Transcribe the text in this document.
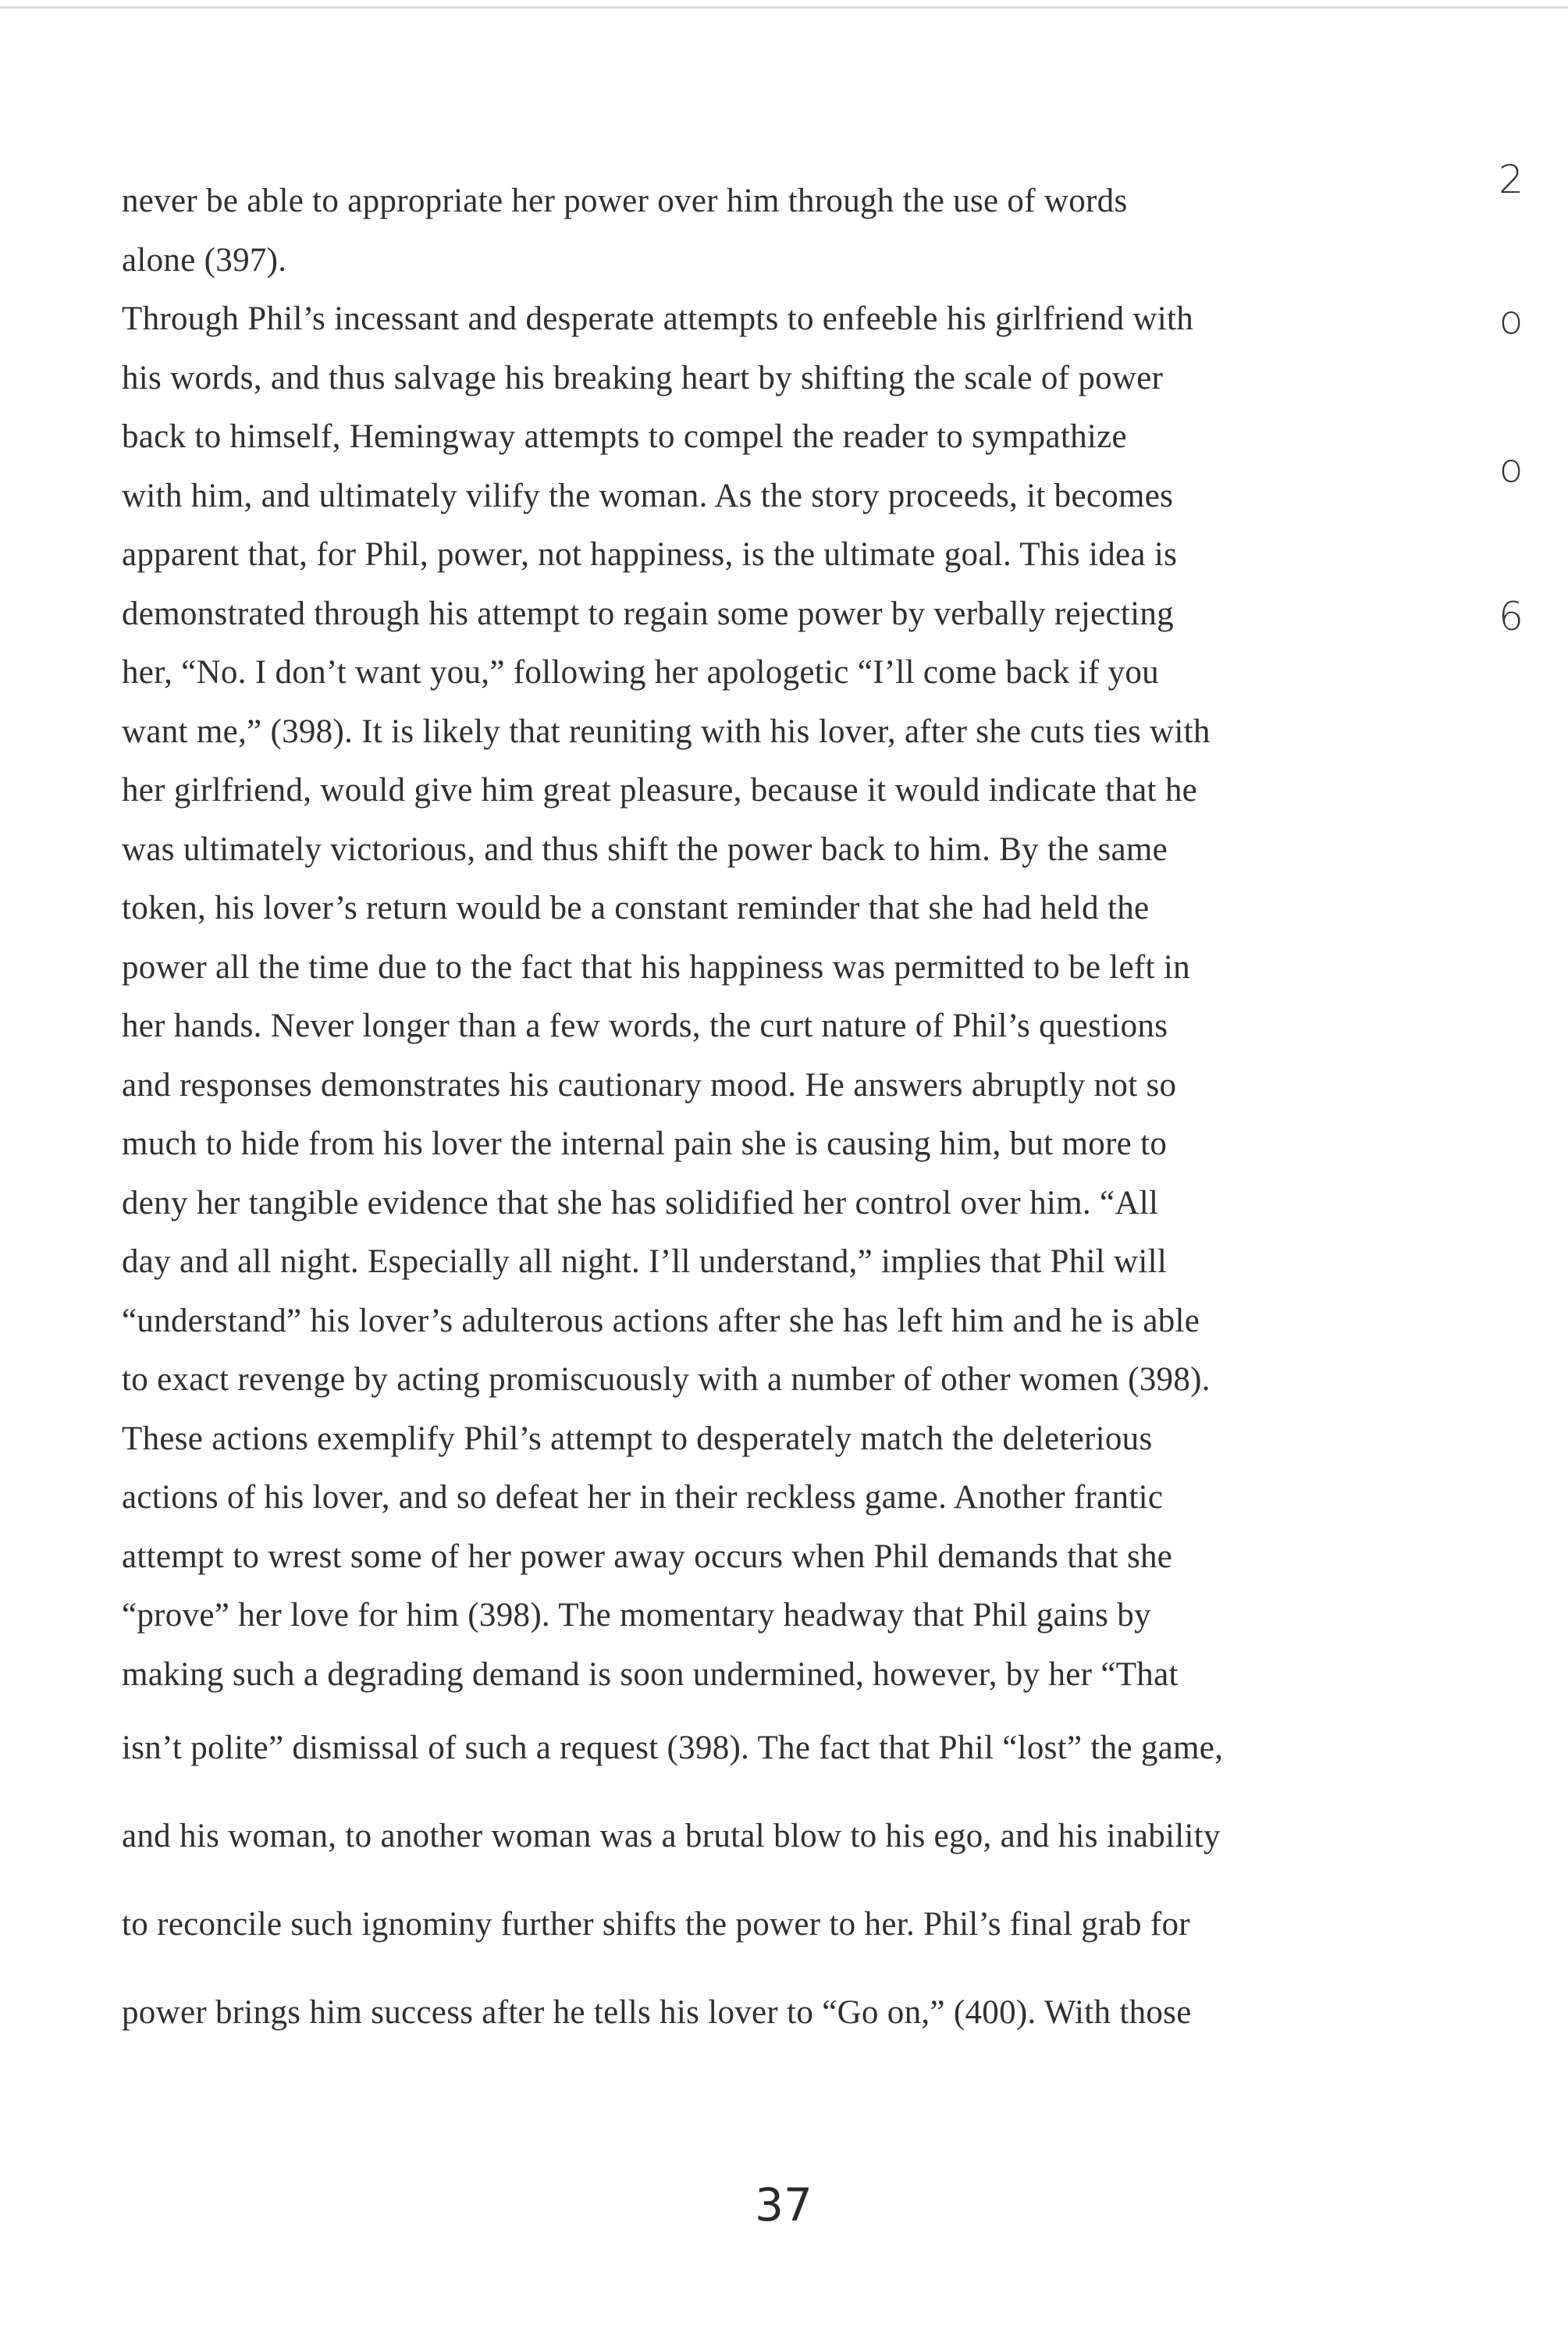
never be able to appropriate her power over him through the use of words
alone (397).
Through Phil’s incessant and desperate attempts to enfeeble his girlfriend with
his words, and thus salvage his breaking heart by shifting the scale of power
back to himself, Hemingway attempts to compel the reader to sympathize
with him, and ultimately vilify the woman. As the story proceeds, it becomes
apparent that, for Phil, power, not happiness, is the ultimate goal. This idea is
demonstrated through his attempt to regain some power by verbally rejecting
her, “No. I don’t want you,” following her apologetic “I’ll come back if you
want me,” (398). It is likely that reuniting with his lover, after she cuts ties with
her girlfriend, would give him great pleasure, because it would indicate that he
was ultimately victorious, and thus shift the power back to him. By the same
token, his lover’s return would be a constant reminder that she had held the
power all the time due to the fact that his happiness was permitted to be left in
her hands. Never longer than a few words, the curt nature of Phil’s questions
and responses demonstrates his cautionary mood. He answers abruptly not so
much to hide from his lover the internal pain she is causing him, but more to
deny her tangible evidence that she has solidified her control over him. “All
day and all night. Especially all night. I’ll understand,” implies that Phil will
“understand” his lover’s adulterous actions after she has left him and he is able
to exact revenge by acting promiscuously with a number of other women (398).
These actions exemplify Phil’s attempt to desperately match the deleterious
actions of his lover, and so defeat her in their reckless game. Another frantic
attempt to wrest some of her power away occurs when Phil demands that she
“prove” her love for him (398). The momentary headway that Phil gains by
making such a degrading demand is soon undermined, however, by her “That
isn’t polite” dismissal of such a request (398). The fact that Phil “lost” the game,
and his woman, to another woman was a brutal blow to his ego, and his inability
to reconcile such ignominy further shifts the power to her. Phil’s final grab for
power brings him success after he tells his lover to “Go on,” (400). With those
2
o
o
6
37
